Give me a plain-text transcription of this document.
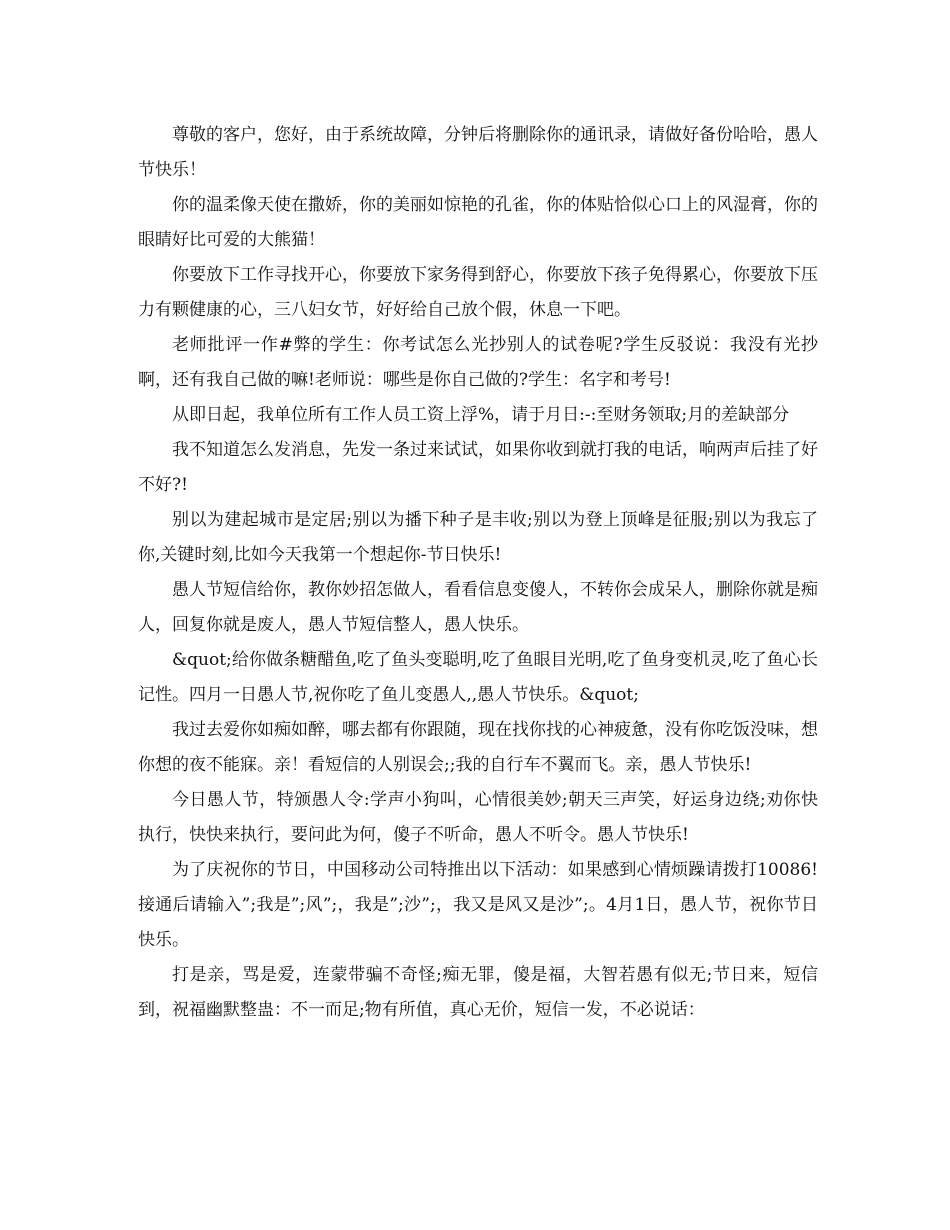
尊敬的客户，您好，由于系统故障，分钟后将删除你的通讯录，请做好备份哈哈，愚人节快乐！

你的温柔像天使在撒娇，你的美丽如惊艳的孔雀，你的体贴恰似心口上的风湿膏，你的眼睛好比可爱的大熊猫！

你要放下工作寻找开心，你要放下家务得到舒心，你要放下孩子免得累心，你要放下压力有颗健康的心，三八妇女节，好好给自己放个假，休息一下吧。

老师批评一作#弊的学生：你考试怎么光抄别人的试卷呢?学生反驳说：我没有光抄啊，还有我自己做的嘛!老师说：哪些是你自己做的?学生：名字和考号!

从即日起，我单位所有工作人员工资上浮%，请于月日:-:至财务领取;月的差缺部分

我不知道怎么发消息，先发一条过来试试，如果你收到就打我的电话，响两声后挂了好不好?!

别以为建起城市是定居;别以为播下种子是丰收;别以为登上顶峰是征服;别以为我忘了你,关键时刻,比如今天我第一个想起你-节日快乐!

愚人节短信给你，教你妙招怎做人，看看信息变傻人，不转你会成呆人，删除你就是痴人，回复你就是废人，愚人节短信整人，愚人快乐。

&quot;给你做条糖醋鱼,吃了鱼头变聪明,吃了鱼眼目光明,吃了鱼身变机灵,吃了鱼心长记性。四月一日愚人节,祝你吃了鱼儿变愚人,,愚人节快乐。&quot;

我过去爱你如痴如醉，哪去都有你跟随，现在找你找的心神疲惫，没有你吃饭没味，想你想的夜不能寐。亲！看短信的人别误会;;我的自行车不翼而飞。亲，愚人节快乐!

今日愚人节，特颁愚人令:学声小狗叫，心情很美妙;朝天三声笑，好运身边绕;劝你快执行，快快来执行，要问此为何，傻子不听命，愚人不听令。愚人节快乐!

为了庆祝你的节日，中国移动公司特推出以下活动：如果感到心情烦躁请拨打10086!接通后请输入”;我是”;风”;，我是”;沙”;，我又是风又是沙”;。4月1日，愚人节，祝你节日快乐。

打是亲，骂是爱，连蒙带骗不奇怪;痴无罪，傻是福，大智若愚有似无;节日来，短信到，祝福幽默整蛊：不一而足;物有所值，真心无价，短信一发，不必说话：
